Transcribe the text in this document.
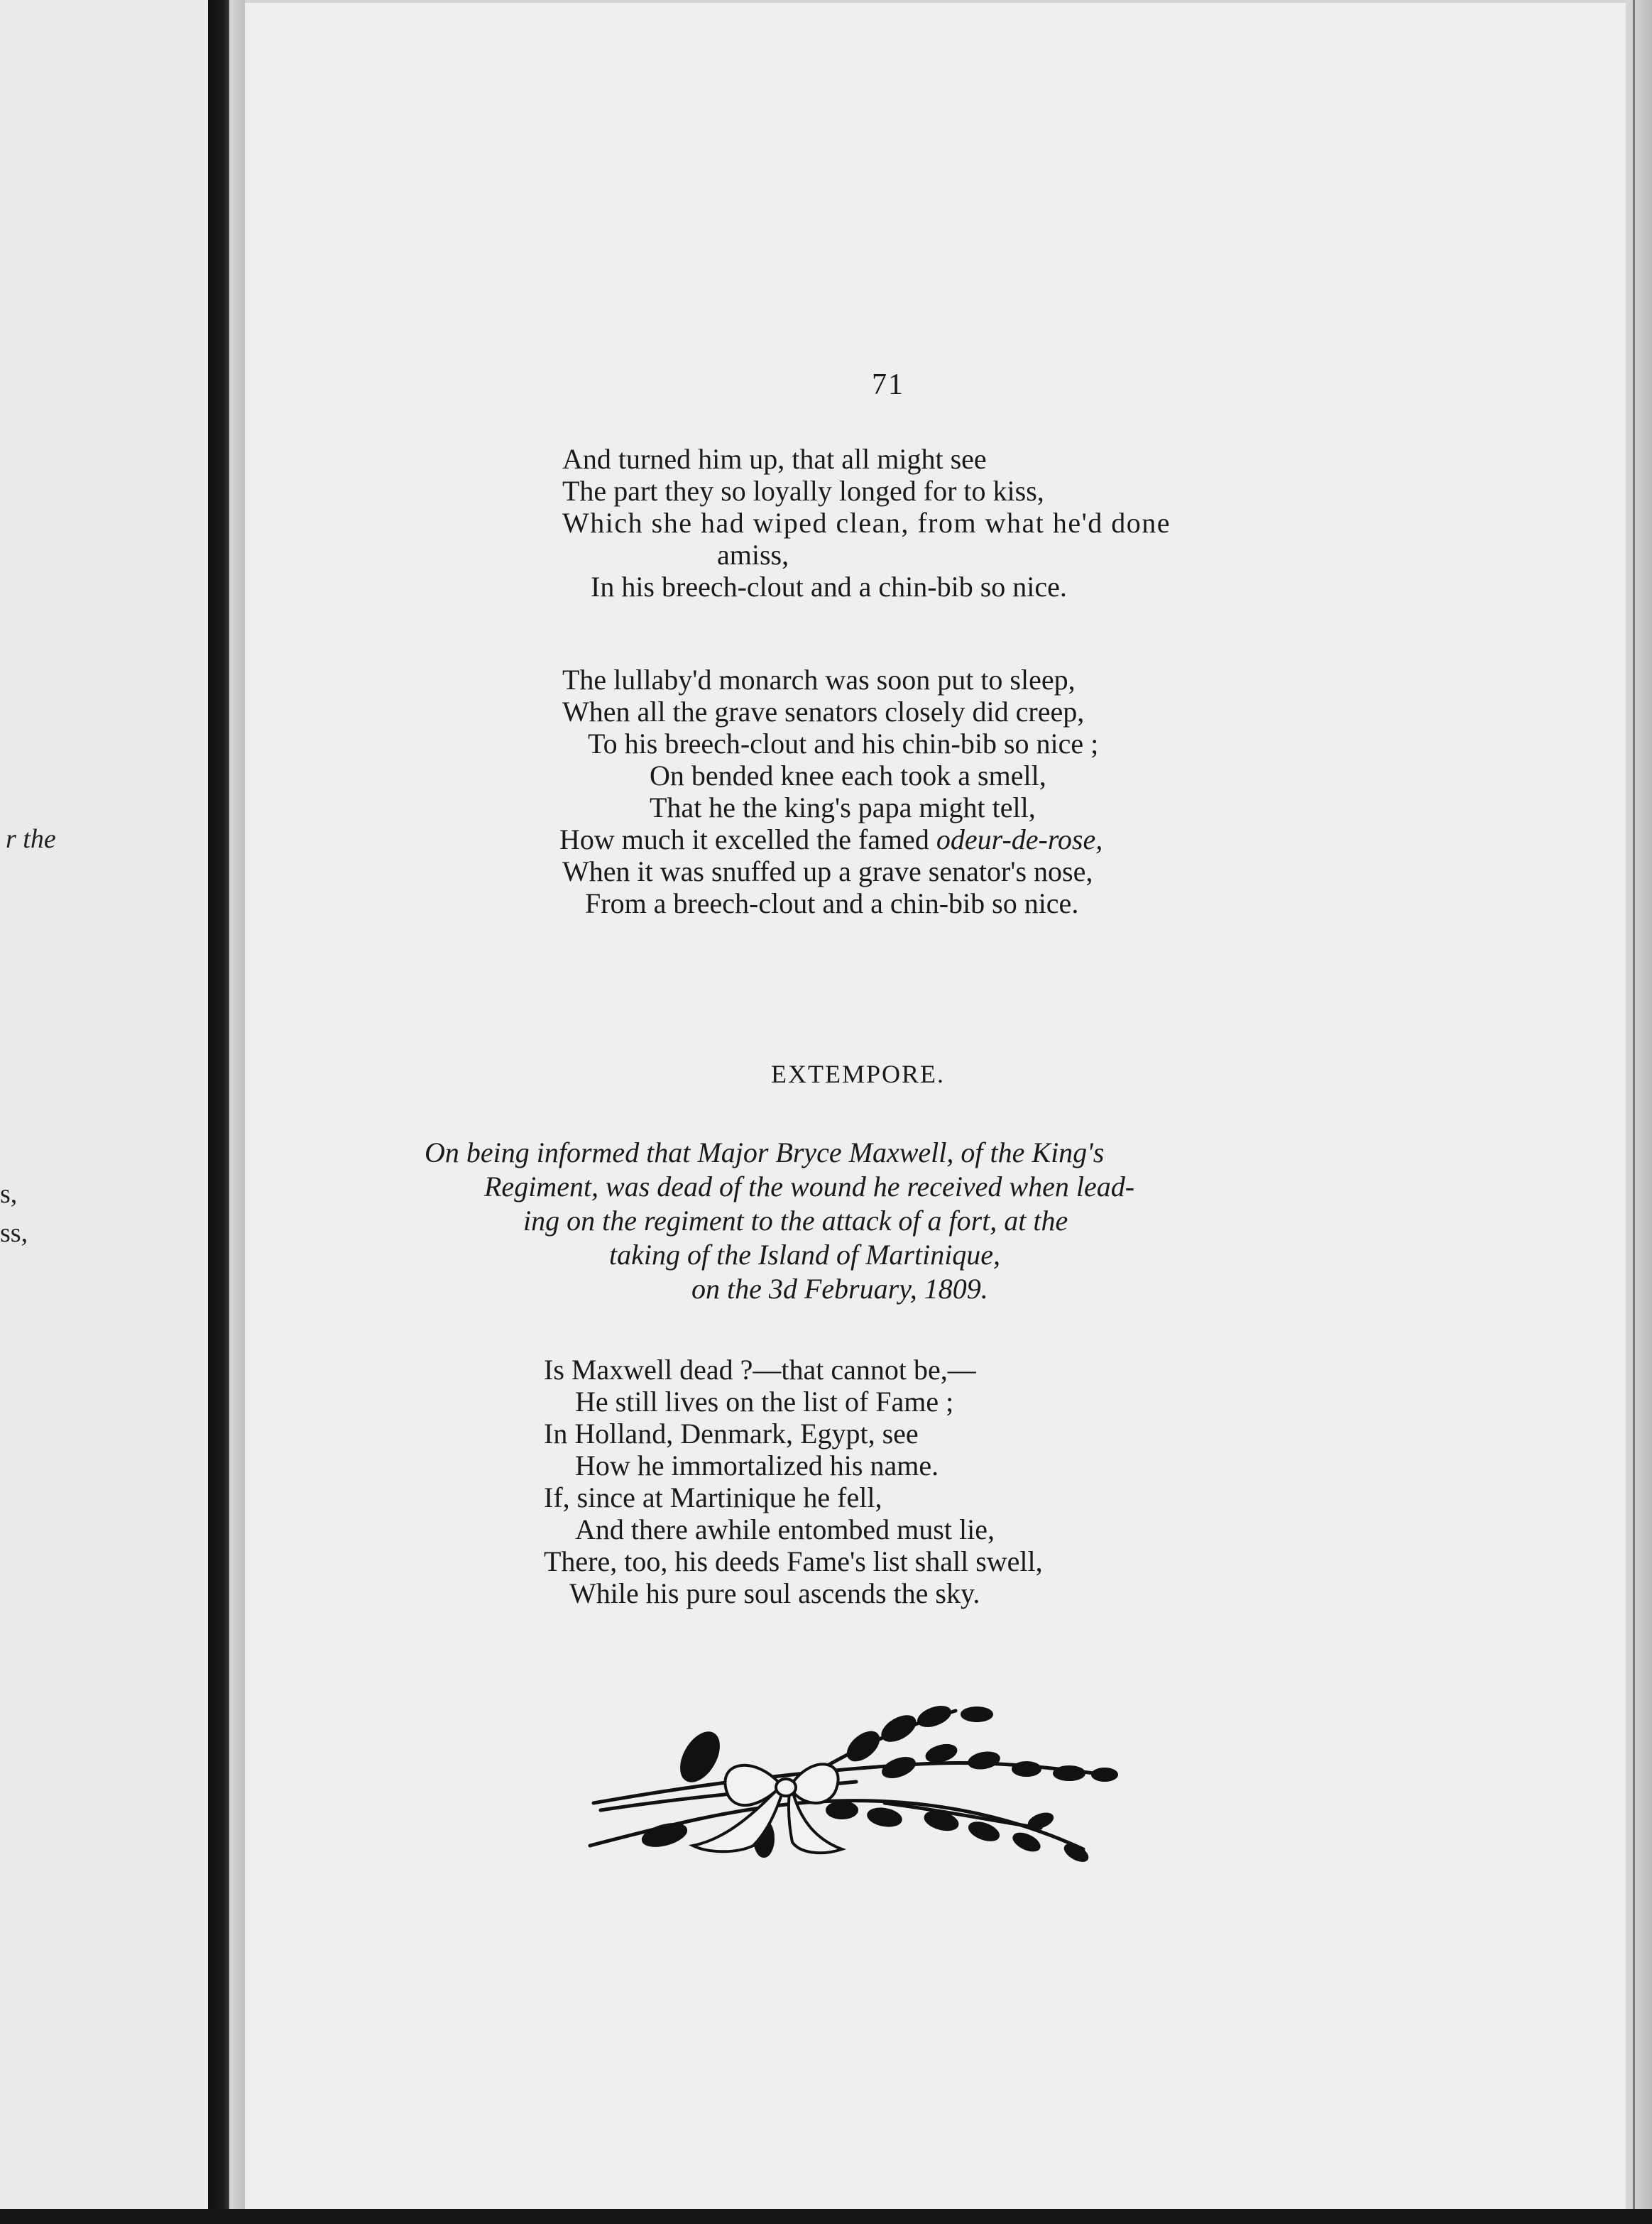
r the
s,
ss,
71
And turned him up, that all might see
The part they so loyally longed for to kiss,
Which she had wiped clean, from what he'd done
amiss,
In his breech-clout and a chin-bib so nice.
The lullaby'd monarch was soon put to sleep,
When all the grave senators closely did creep,
To his breech-clout and his chin-bib so nice ;
On bended knee each took a smell,
That he the king's papa might tell,
How much it excelled the famed odeur-de-rose,
When it was snuffed up a grave senator's nose,
From a breech-clout and a chin-bib so nice.
EXTEMPORE.
On being informed that Major Bryce Maxwell, of the King's
Regiment, was dead of the wound he received when lead-
ing on the regiment to the attack of a fort, at the
taking of the Island of Martinique,
on the 3d February, 1809.
Is Maxwell dead ?—that cannot be,—
He still lives on the list of Fame ;
In Holland, Denmark, Egypt, see
How he immortalized his name.
If, since at Martinique he fell,
And there awhile entombed must lie,
There, too, his deeds Fame's list shall swell,
While his pure soul ascends the sky.
